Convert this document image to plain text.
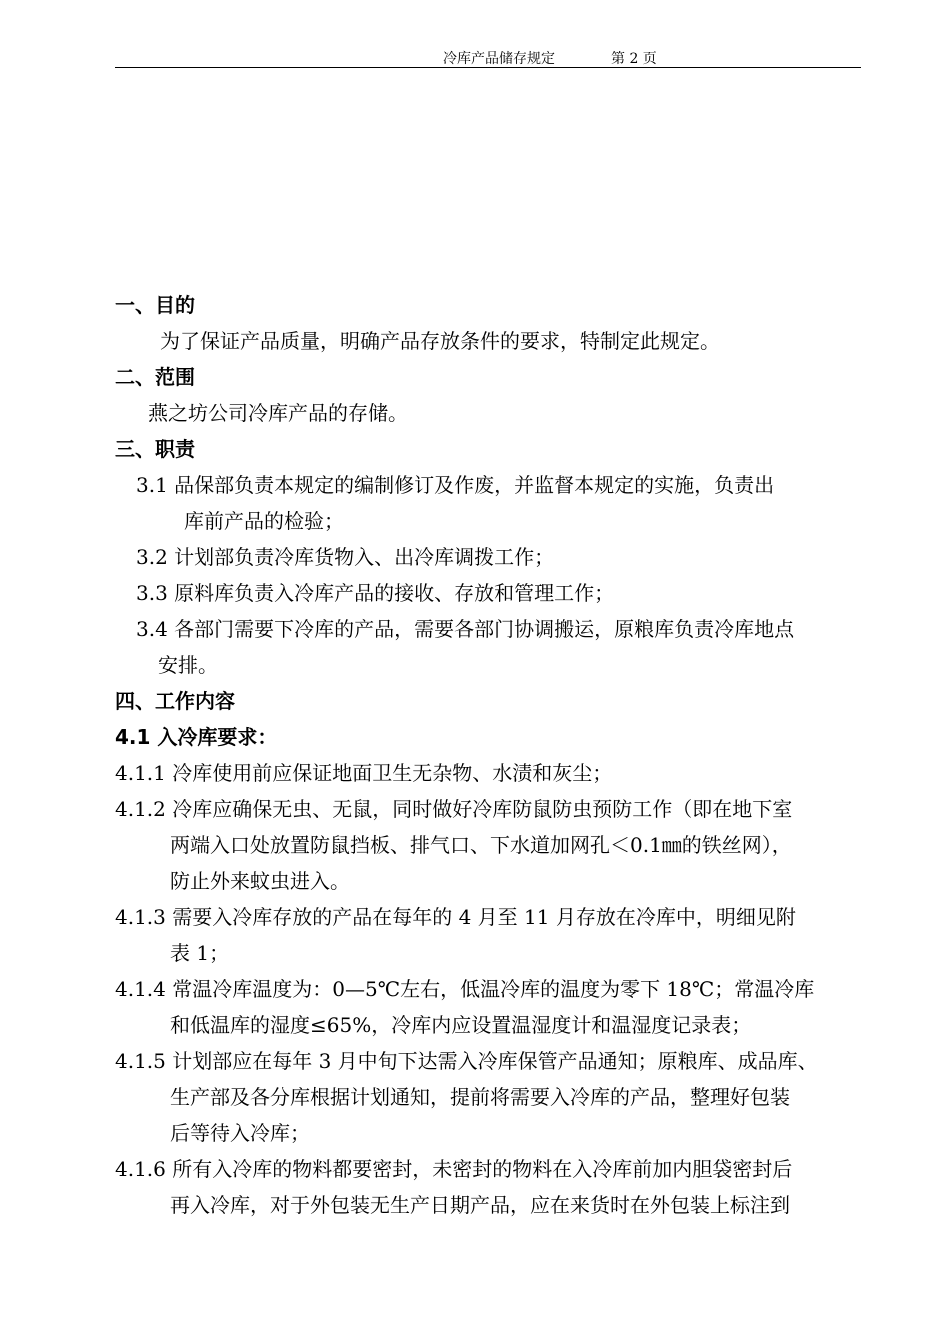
冷库产品储存规定	第 2 页
一、目的
为了保证产品质量，明确产品存放条件的要求，特制定此规定。
二、范围
燕之坊公司冷库产品的存储。
三、职责
3.1 品保部负责本规定的编制修订及作废，并监督本规定的实施，负责出
库前产品的检验；
3.2 计划部负责冷库货物入、出冷库调拨工作；
3.3 原料库负责入冷库产品的接收、存放和管理工作；
3.4 各部门需要下冷库的产品，需要各部门协调搬运，原粮库负责冷库地点
安排。
四、工作内容
4.1 入冷库要求：
4.1.1 冷库使用前应保证地面卫生无杂物、水渍和灰尘；
4.1.2 冷库应确保无虫、无鼠，同时做好冷库防鼠防虫预防工作（即在地下室
两端入口处放置防鼠挡板、排气口、下水道加网孔＜0.1㎜的铁丝网），
防止外来蚊虫进入。
4.1.3 需要入冷库存放的产品在每年的 4 月至 11 月存放在冷库中，明细见附
表 1；
4.1.4 常温冷库温度为：0—5℃左右，低温冷库的温度为零下 18℃；常温冷库
和低温库的湿度≤65%，冷库内应设置温湿度计和温湿度记录表；
4.1.5 计划部应在每年 3 月中旬下达需入冷库保管产品通知；原粮库、成品库、
生产部及各分库根据计划通知，提前将需要入冷库的产品，整理好包装
后等待入冷库；
4.1.6 所有入冷库的物料都要密封，未密封的物料在入冷库前加内胆袋密封后
再入冷库，对于外包装无生产日期产品，应在来货时在外包装上标注到
